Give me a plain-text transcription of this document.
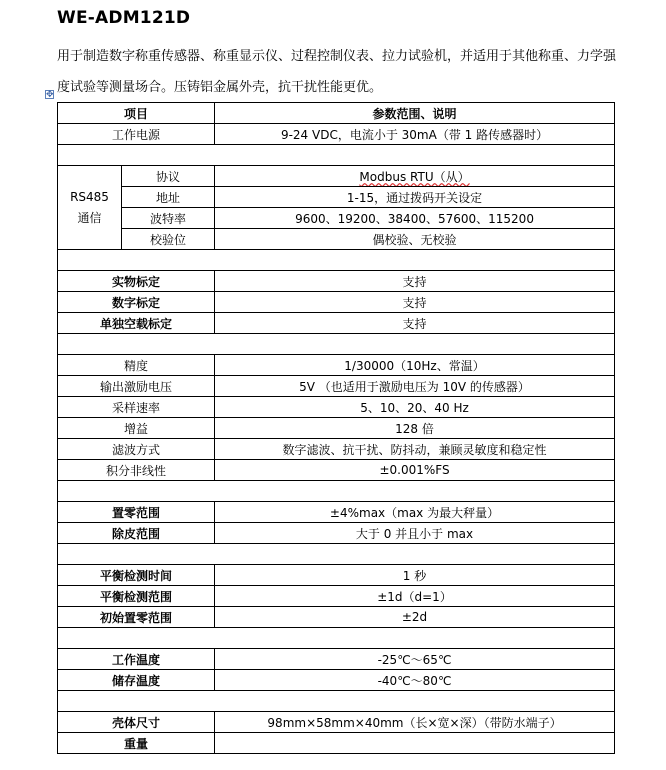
WE-ADM121D
用于制造数字称重传感器、称重显示仪、过程控制仪表、拉力试验机，并适用于其他称重、力学强度试验等测量场合。压铸铝金属外壳，抗干扰性能更优。
✥
项目		参数范围、说明
工作电源		9-24 VDC，电流小于 30mA（带 1 路传感器时）

RS485
通信	协议	Modbus RTU（从）
	地址	1-15，通过拨码开关设定
	波特率	9600、19200、38400、57600、115200
	校验位	偶校验、无校验

实物标定		支持
数字标定		支持
单独空载标定		支持

精度		1/30000（10Hz、常温）
输出激励电压		5V （也适用于激励电压为 10V 的传感器）
采样速率		5、10、20、40 Hz
增益		128 倍
滤波方式		数字滤波、抗干扰、防抖动，兼顾灵敏度和稳定性
积分非线性		±0.001%FS

置零范围		±4%max（max 为最大秤量）
除皮范围		大于 0 并且小于 max

平衡检测时间		1 秒
平衡检测范围		±1d（d=1）
初始置零范围		±2d

工作温度		-25℃～65℃
储存温度		-40℃～80℃

壳体尺寸		98mm×58mm×40mm（长×宽×深）（带防水端子）
重量		
